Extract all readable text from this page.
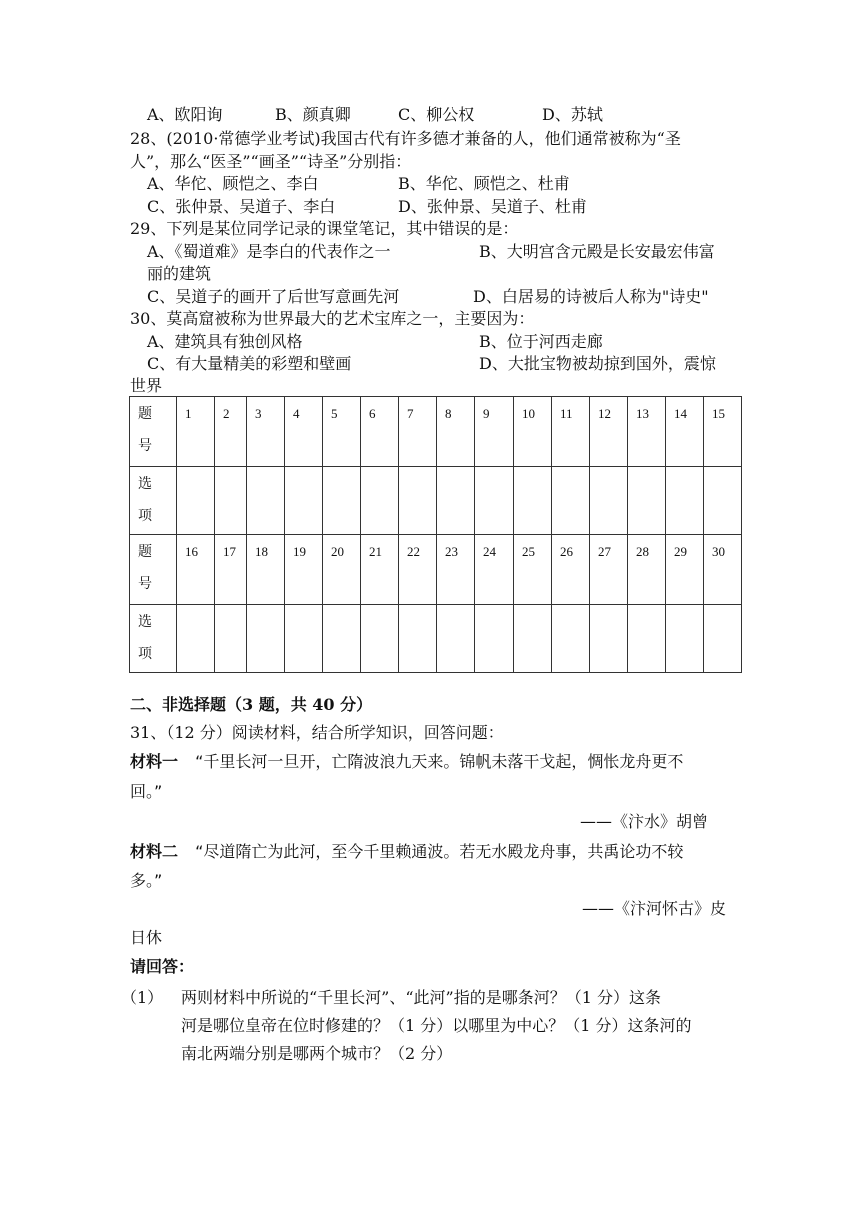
A、欧阳询	B、颜真卿	C、柳公权	D、苏轼
28、(2010·常德学业考试)我国古代有许多德才兼备的人，他们通常被称为“圣
人”，那么“医圣”“画圣”“诗圣”分别指：
A、华佗、顾恺之、李白	B、华佗、顾恺之、杜甫
C、张仲景、吴道子、李白	D、张仲景、吴道子、杜甫
29、下列是某位同学记录的课堂笔记，其中错误的是：
A、《蜀道难》是李白的代表作之一	B、大明宫含元殿是长安最宏伟富
丽的建筑
C、吴道子的画开了后世写意画先河	D、白居易的诗被后人称为"诗史"
30、莫高窟被称为世界最大的艺术宝库之一，主要因为：
A、建筑具有独创风格	B、位于河西走廊
C、有大量精美的彩塑和壁画	D、大批宝物被劫掠到国外，震惊
世界
题
号	1	2	3	4	5	6	7	8	9	10	11	12	13	14	15

选
项															

题
号	16	17	18	19	20	21	22	23	24	25	26	27	28	29	30

选
项															

二、非选择题（3 题，共 40 分）
31、（12 分）阅读材料，结合所学知识，回答问题：
材料一 “千里长河一旦开，亡隋波浪九天来。锦帆未落干戈起，惆怅龙舟更不
回。”
——《汴水》胡曾
材料二 “尽道隋亡为此河，至今千里赖通波。若无水殿龙舟事，共禹论功不较
多。”
——《汴河怀古》皮
日休
请回答：
（1） 两则材料中所说的“千里长河”、“此河”指的是哪条河？（1 分）这条
河是哪位皇帝在位时修建的？（1 分）以哪里为中心？（1 分）这条河的
南北两端分别是哪两个城市？（2 分）
